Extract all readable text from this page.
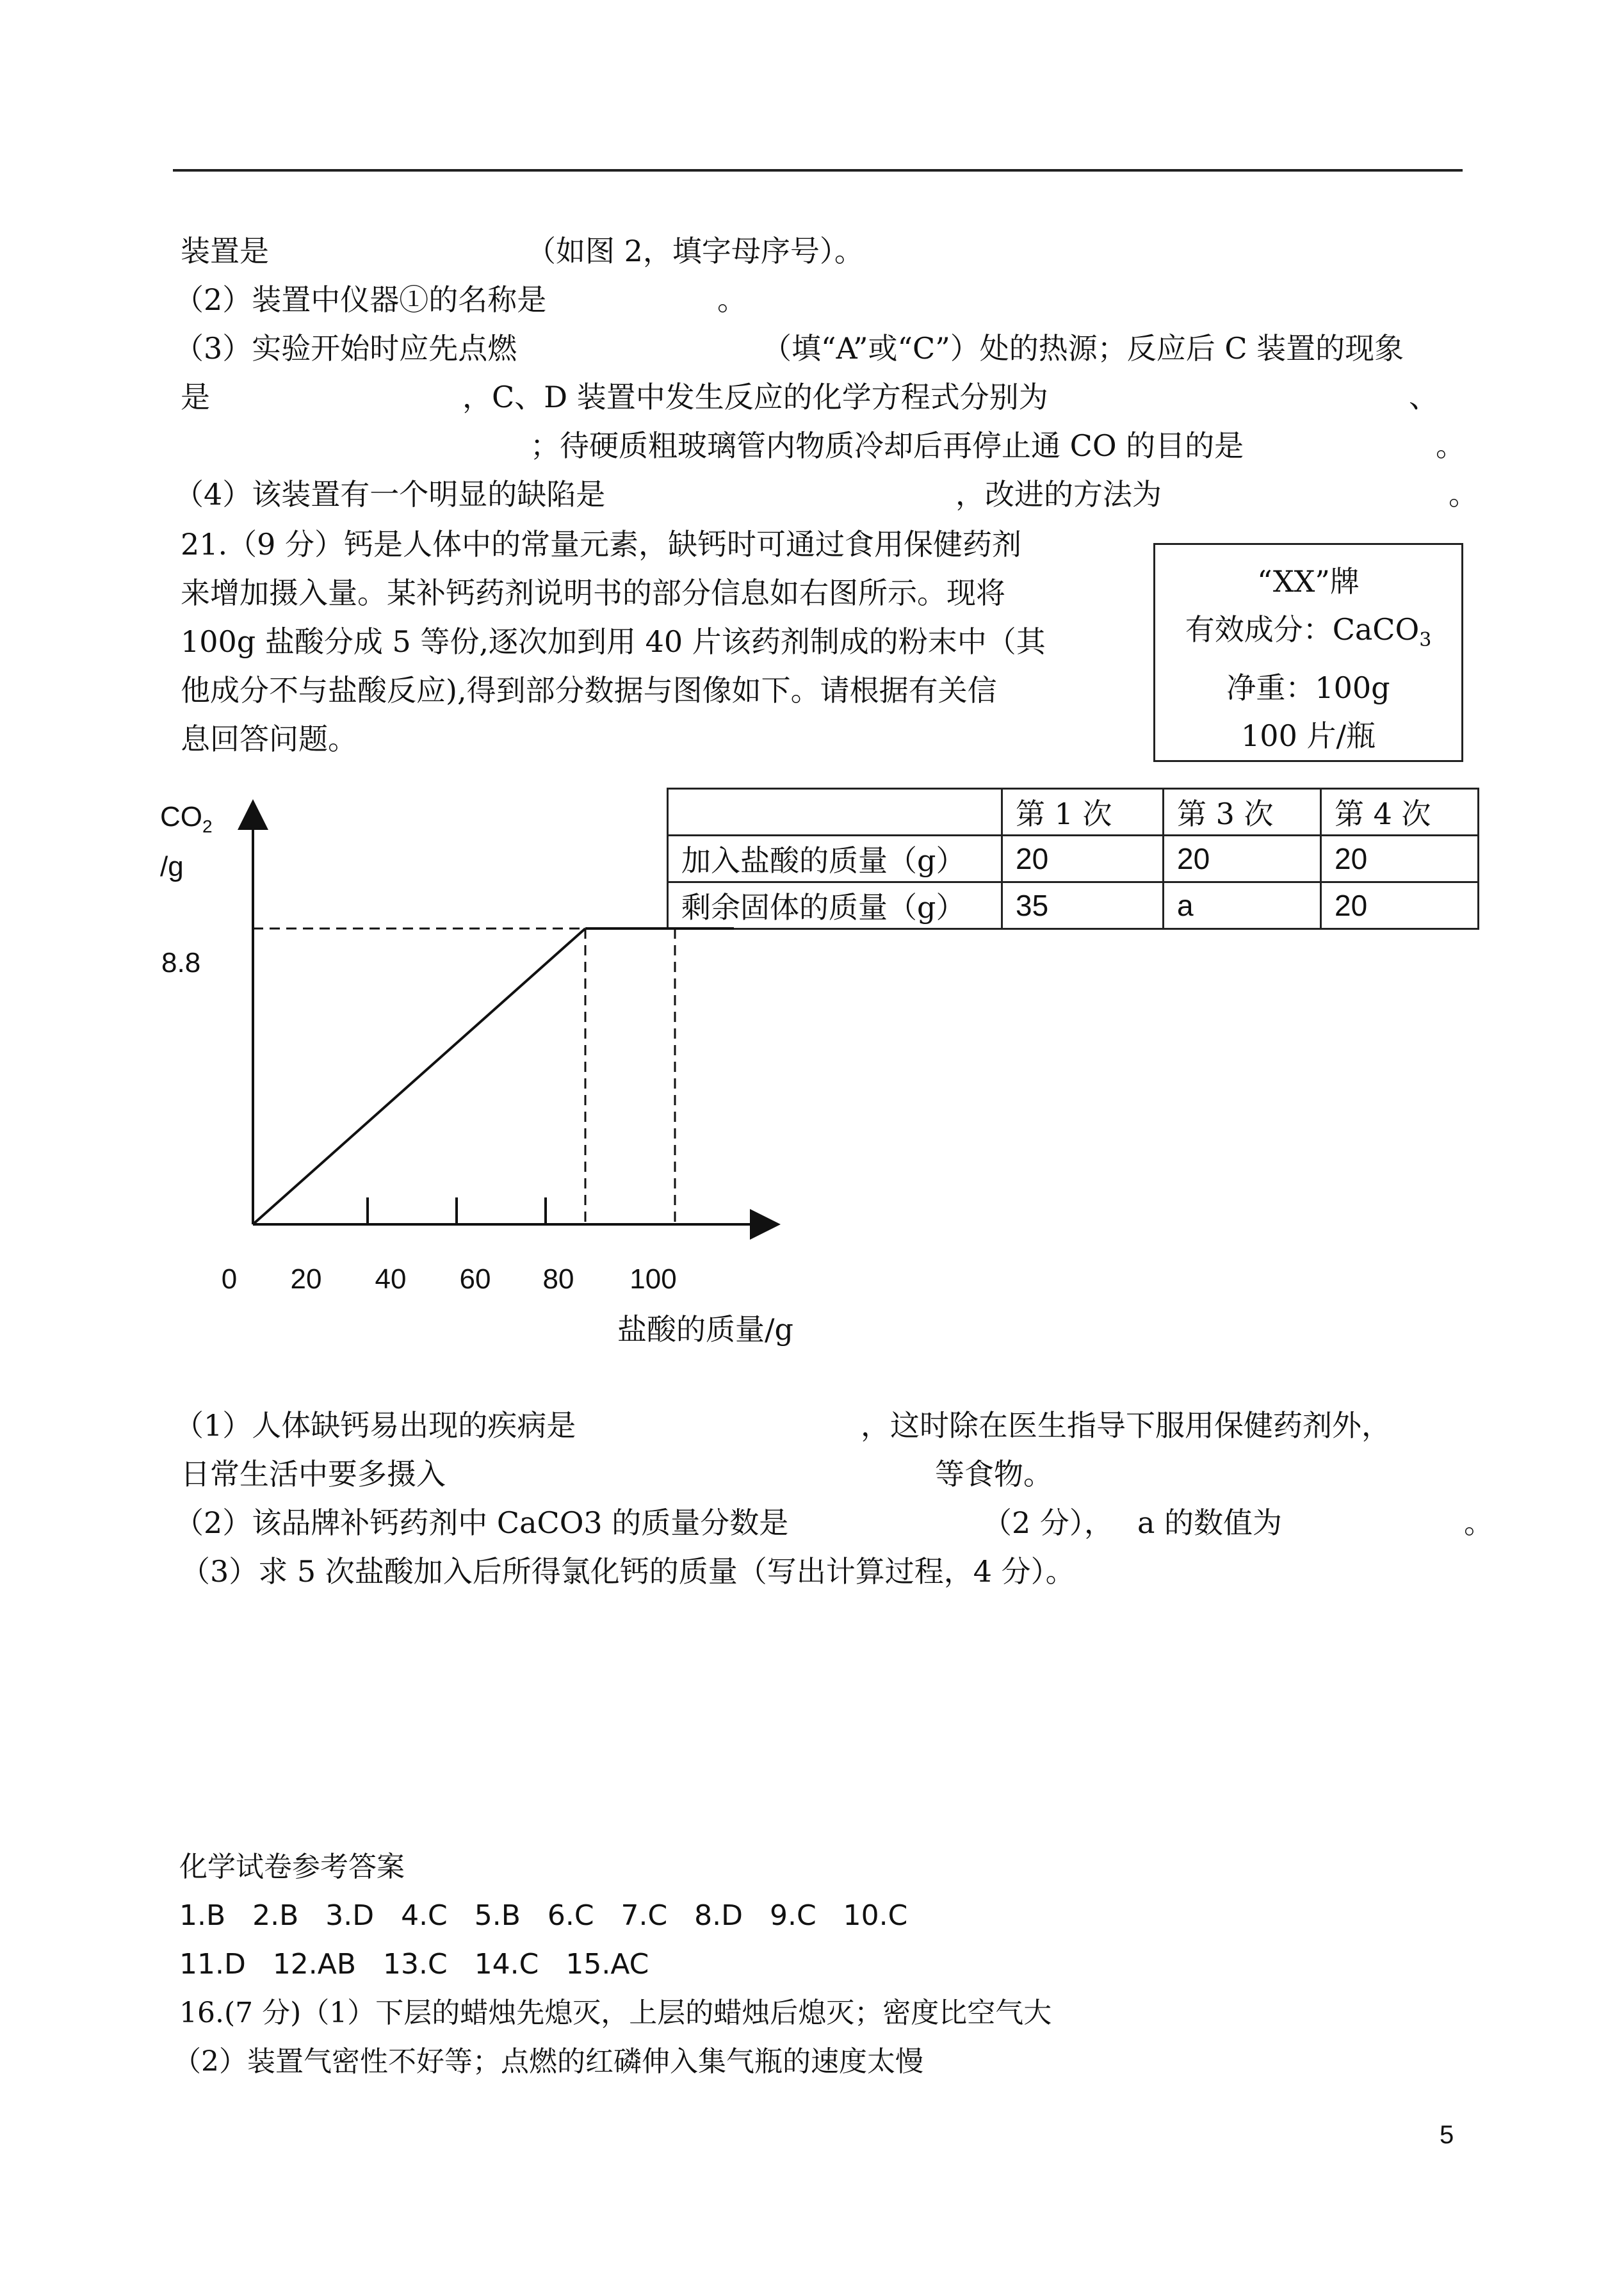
装置是	（如图 2，填字母序号）。
（2）装置中仪器①的名称是	。
（3）实验开始时应先点燃	（填“A”或“C”）处的热源；反应后 C 装置的现象
是	，C、D 装置中发生反应的化学方程式分别为	、
；待硬质粗玻璃管内物质冷却后再停止通 CO 的目的是	。
（4）该装置有一个明显的缺陷是	，改进的方法为	。
21.（9 分）钙是人体中的常量元素，缺钙时可通过食用保健药剂
来增加摄入量。某补钙药剂说明书的部分信息如右图所示。现将
100g 盐酸分成 5 等份,逐次加到用 40 片该药剂制成的粉末中（其
他成分不与盐酸反应),得到部分数据与图像如下。请根据有关信
息回答问题。
“XX”牌
有效成分：CaCO$_3$
净重：100g
100 片/瓶
	第 1 次	第 3 次	第 4 次
加入盐酸的质量（g）	20	20	20
剩余固体的质量（g）	35	a	20
0 20 40 60 80 100
8.8
$CO_2$
/g
盐酸的质量/g
（1）人体缺钙易出现的疾病是	，这时除在医生指导下服用保健药剂外，
日常生活中要多摄入	等食物。
（2）该品牌补钙药剂中 CaCO3 的质量分数是	（2 分）， a 的数值为	。
（3）求 5 次盐酸加入后所得氯化钙的质量（写出计算过程，4 分）。
化学试卷参考答案
1.B   2.B   3.D   4.C   5.B   6.C   7.C   8.D   9.C   10.C
11.D   12.AB   13.C   14.C   15.AC
16.(7 分)（1）下层的蜡烛先熄灭，上层的蜡烛后熄灭；密度比空气大
（2）装置气密性不好等；点燃的红磷伸入集气瓶的速度太慢
5
